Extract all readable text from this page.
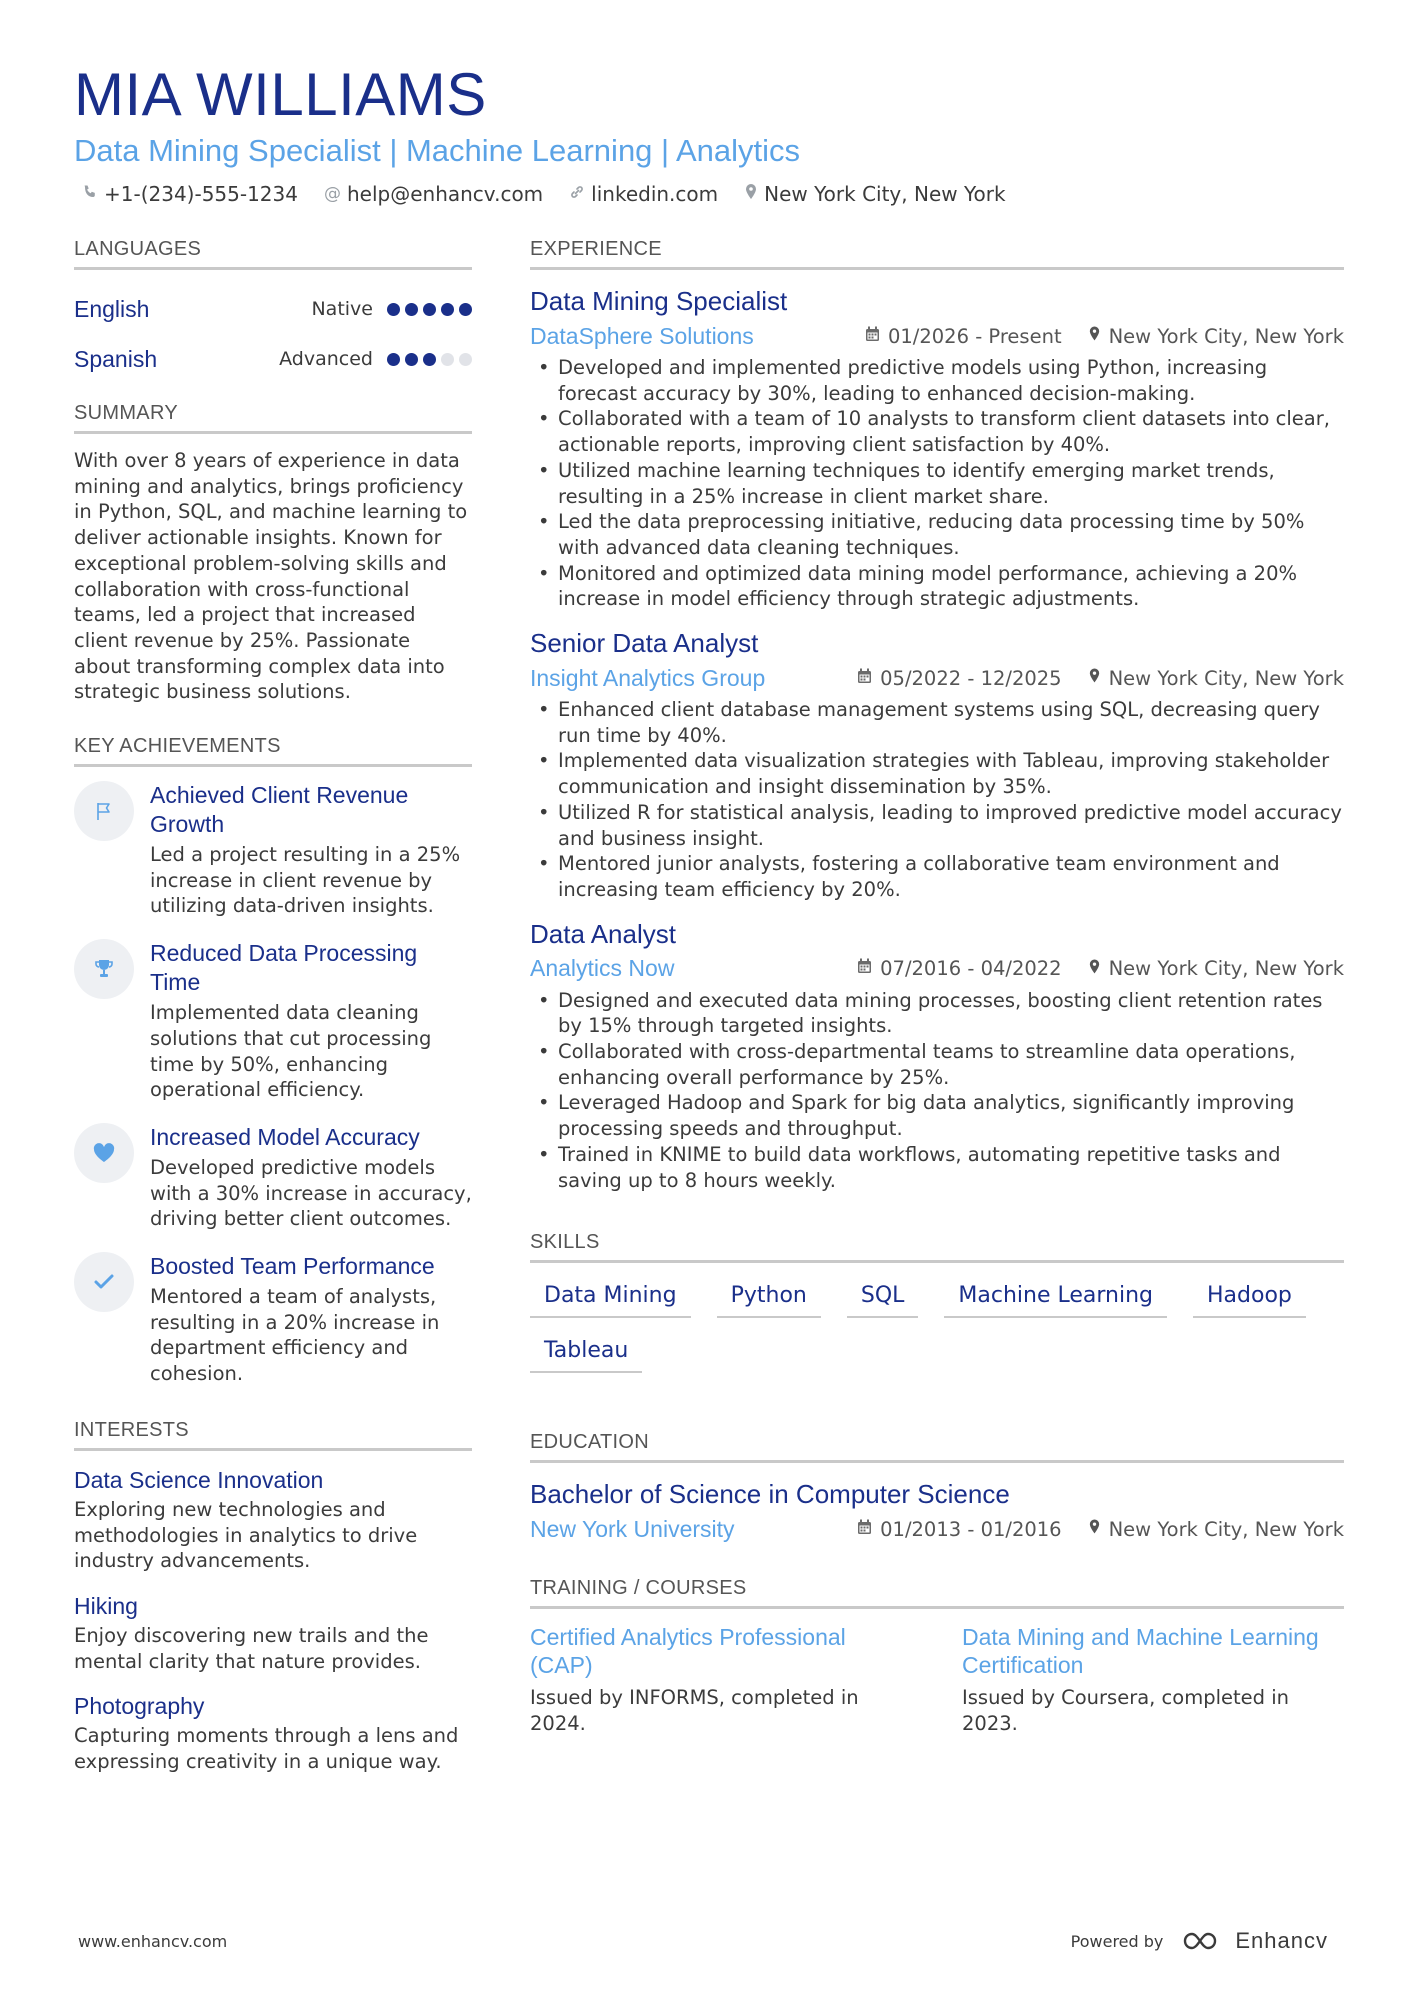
MIA WILLIAMS
Data Mining Specialist | Machine Learning | Analytics
+1-(234)-555-1234 @ help@enhancv.com linkedin.com New York City, New York
LANGUAGES
English	Native
Spanish	Advanced
SUMMARY

With over 8 years of experience in data mining and analytics, brings proficiency in Python, SQL, and machine learning to deliver actionable insights. Known for exceptional problem-solving skills and collaboration with cross-functional teams, led a project that increased client revenue by 25%. Passionate about transforming complex data into strategic business solutions.

KEY ACHIEVEMENTS
Achieved Client Revenue Growth
Led a project resulting in a 25% increase in client revenue by utilizing data-driven insights.
Reduced Data Processing Time
Implemented data cleaning solutions that cut processing time by 50%, enhancing operational efficiency.
Increased Model Accuracy
Developed predictive models with a 30% increase in accuracy, driving better client outcomes.
Boosted Team Performance
Mentored a team of analysts, resulting in a 20% increase in department efficiency and cohesion.
INTERESTS
Data Science Innovation
Exploring new technologies and methodologies in analytics to drive industry advancements.
Hiking
Enjoy discovering new trails and the mental clarity that nature provides.
Photography
Capturing moments through a lens and expressing creativity in a unique way.
EXPERIENCE
Data Mining Specialist
DataSphere Solutions	01/2026 - Present New York City, New York
• Developed and implemented predictive models using Python, increasing forecast accuracy by 30%, leading to enhanced decision-making.
• Collaborated with a team of 10 analysts to transform client datasets into clear, actionable reports, improving client satisfaction by 40%.
• Utilized machine learning techniques to identify emerging market trends, resulting in a 25% increase in client market share.
• Led the data preprocessing initiative, reducing data processing time by 50% with advanced data cleaning techniques.
• Monitored and optimized data mining model performance, achieving a 20% increase in model efficiency through strategic adjustments.
Senior Data Analyst
Insight Analytics Group	05/2022 - 12/2025 New York City, New York
• Enhanced client database management systems using SQL, decreasing query run time by 40%.
• Implemented data visualization strategies with Tableau, improving stakeholder communication and insight dissemination by 35%.
• Utilized R for statistical analysis, leading to improved predictive model accuracy and business insight.
• Mentored junior analysts, fostering a collaborative team environment and increasing team efficiency by 20%.
Data Analyst
Analytics Now	07/2016 - 04/2022 New York City, New York
• Designed and executed data mining processes, boosting client retention rates by 15% through targeted insights.
• Collaborated with cross-departmental teams to streamline data operations, enhancing overall performance by 25%.
• Leveraged Hadoop and Spark for big data analytics, significantly improving processing speeds and throughput.
• Trained in KNIME to build data workflows, automating repetitive tasks and saving up to 8 hours weekly.
SKILLS
Data Mining	Python	SQL	Machine Learning	Hadoop
Tableau
EDUCATION
Bachelor of Science in Computer Science
New York University	01/2013 - 01/2016 New York City, New York
TRAINING / COURSES
Certified Analytics Professional (CAP)
Issued by INFORMS, completed in 2024.
Data Mining and Machine Learning Certification
Issued by Coursera, completed in 2023.
www.enhancv.com	Powered by	Enhancv
